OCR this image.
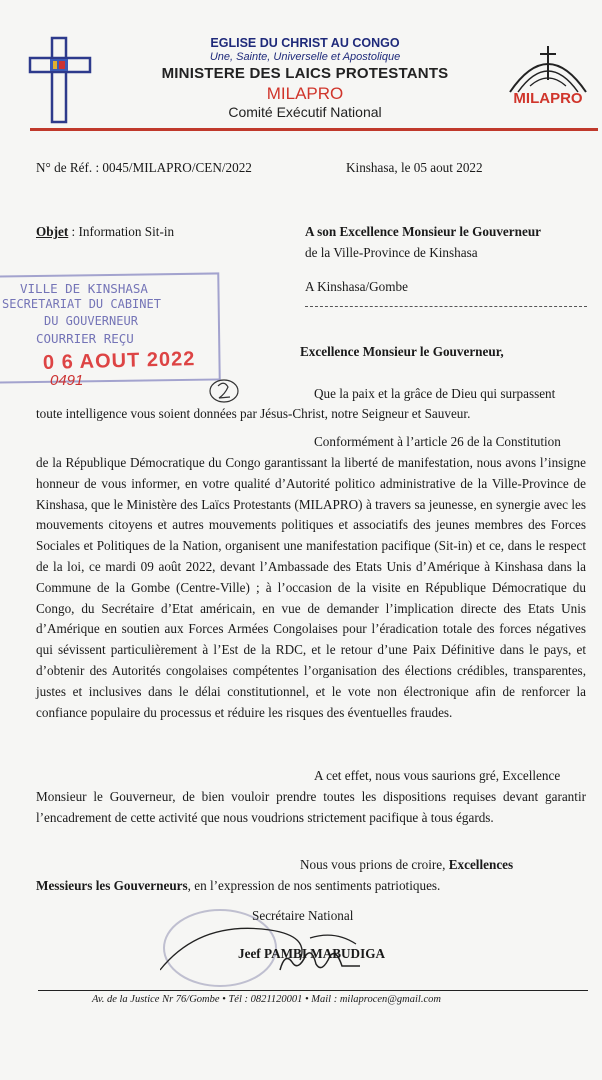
EGLISE DU CHRIST AU CONGO
Une, Sainte, Universelle et Apostolique
MINISTERE DES LAICS PROTESTANTS
MILAPRO
Comité Exécutif National
MILAPRO
N° de Réf. : 0045/MILAPRO/CEN/2022	Kinshasa, le 05 aout 2022
Objet : Information Sit-in	A son Excellence Monsieur le Gouverneur
de la Ville-Province de Kinshasa
A Kinshasa/Gombe
VILLE DE KINSHASA
SECRETARIAT DU CABINET
DU GOUVERNEUR
COURRIER REÇU
0 6 AOUT 2022
0491
Excellence Monsieur le Gouverneur,
Que la paix et la grâce de Dieu qui surpassent
toute intelligence vous soient données par Jésus-Christ, notre Seigneur et Sauveur.
Conformément à l’article 26 de la Constitution

de la République Démocratique du Congo garantissant la liberté de manifestation, nous avons l’insigne honneur de vous informer, en votre qualité d’Autorité politico administrative de la Ville-Province de Kinshasa, que le Ministère des Laïcs Protestants (MILAPRO) à travers sa jeunesse, en synergie avec les mouvements citoyens et autres mouvements politiques et associatifs des jeunes membres des Forces Sociales et Politiques de la Nation, organisent une manifestation pacifique (Sit-in) et ce, dans le respect de la loi, ce mardi 09 août 2022, devant l’Ambassade des Etats Unis d’Amérique à Kinshasa dans la Commune de la Gombe (Centre-Ville) ; à l’occasion de la visite en République Démocratique du Congo, du Secrétaire d’Etat américain, en vue de demander l’implication directe des Etats Unis d’Amérique en soutien aux Forces Armées Congolaises pour l’éradication totale des forces négatives qui sévissent particulièrement à l’Est de la RDC, et le retour d’une Paix Définitive dans le pays, et d’obtenir des Autorités congolaises compétentes l’organisation des élections crédibles, transparentes, justes et inclusives dans le délai constitutionnel, et le vote non électronique afin de renforcer la confiance populaire du processus et réduire les risques des éventuelles fraudes.

A cet effet, nous vous saurions gré, Excellence

Monsieur le Gouverneur, de bien vouloir prendre toutes les dispositions requises devant garantir l’encadrement de cette activité que nous voudrions strictement pacifique à tous égards.

Nous vous prions de croire, Excellences
Messieurs les Gouverneurs, en l’expression de nos sentiments patriotiques.
Secrétaire National
Jeef PAMBI MABUDIGA
Av. de la Justice Nr 76/Gombe • Tél : 0821120001 • Mail : milaprocen@gmail.com
